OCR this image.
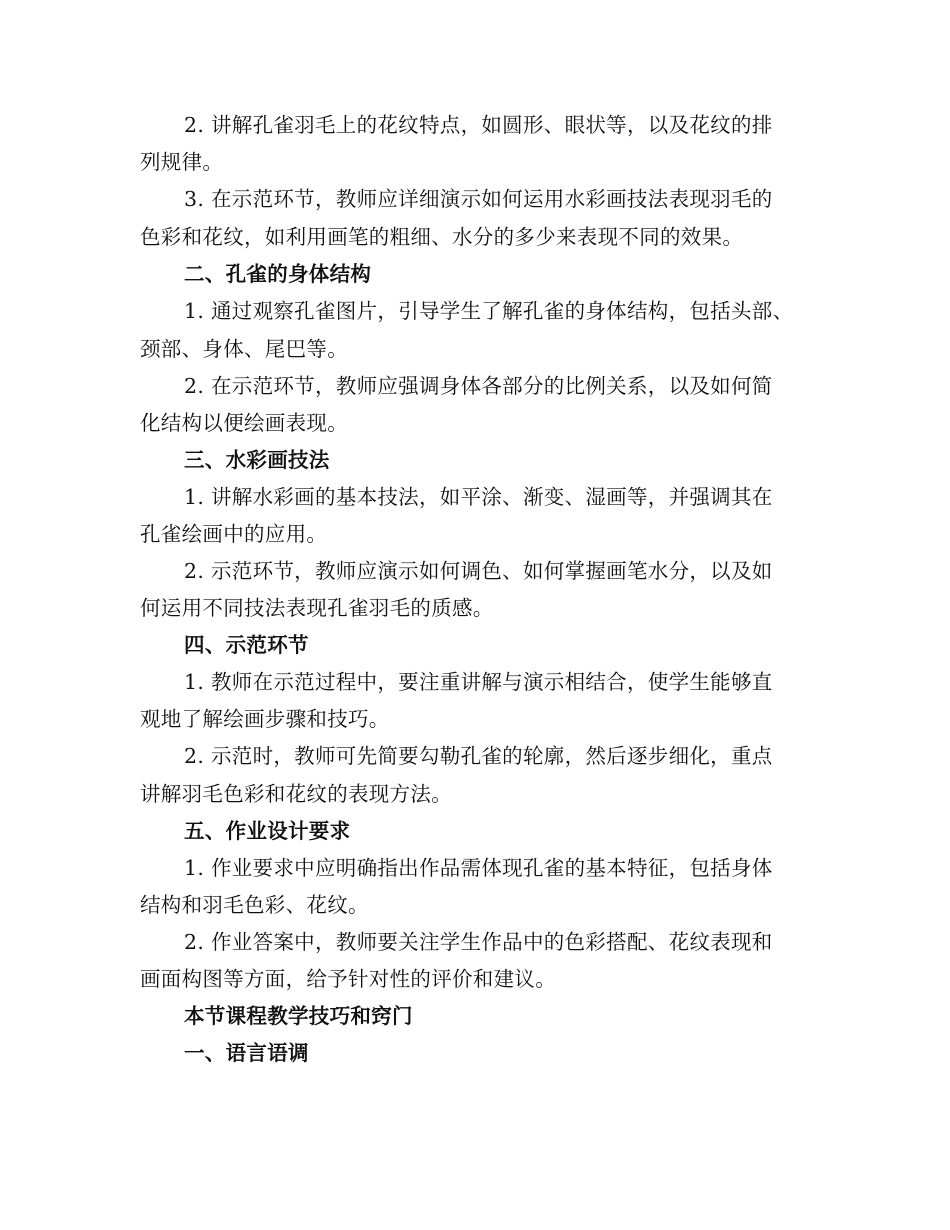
2. 讲解孔雀羽毛上的花纹特点，如圆形、眼状等，以及花纹的排

列规律。

3. 在示范环节，教师应详细演示如何运用水彩画技法表现羽毛的

色彩和花纹，如利用画笔的粗细、水分的多少来表现不同的效果。

二、孔雀的身体结构

1. 通过观察孔雀图片，引导学生了解孔雀的身体结构，包括头部、

颈部、身体、尾巴等。

2. 在示范环节，教师应强调身体各部分的比例关系，以及如何简

化结构以便绘画表现。

三、水彩画技法

1. 讲解水彩画的基本技法，如平涂、渐变、湿画等，并强调其在

孔雀绘画中的应用。

2. 示范环节，教师应演示如何调色、如何掌握画笔水分，以及如

何运用不同技法表现孔雀羽毛的质感。

四、示范环节

1. 教师在示范过程中，要注重讲解与演示相结合，使学生能够直

观地了解绘画步骤和技巧。

2. 示范时，教师可先简要勾勒孔雀的轮廓，然后逐步细化，重点

讲解羽毛色彩和花纹的表现方法。

五、作业设计要求

1. 作业要求中应明确指出作品需体现孔雀的基本特征，包括身体

结构和羽毛色彩、花纹。

2. 作业答案中，教师要关注学生作品中的色彩搭配、花纹表现和

画面构图等方面，给予针对性的评价和建议。

本节课程教学技巧和窍门

一、语言语调
